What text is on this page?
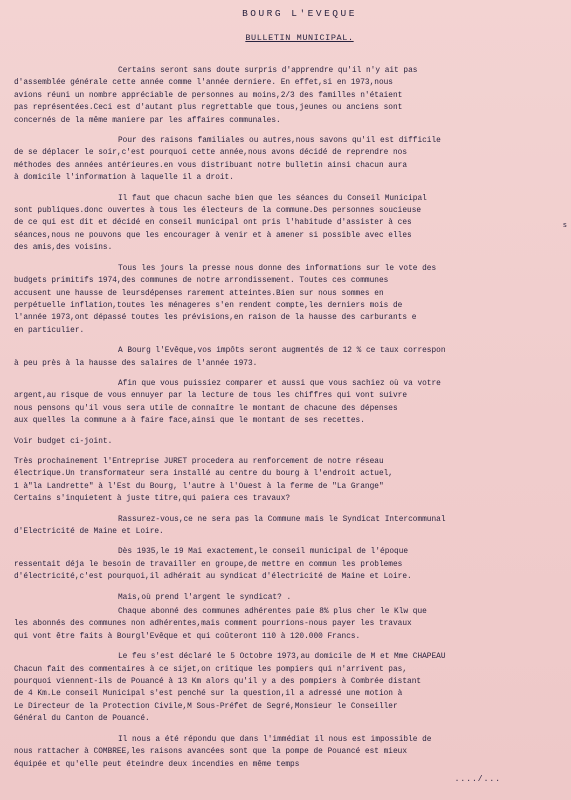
BOURG L'EVEQUE
BULLETIN MUNICIPAL.
Certains seront sans doute surpris d'apprendre qu'il n'y ait pas
d'assemblée générale cette année comme l'année derniere. En effet,si en 1973,nous
avions réuni un nombre appréciable de personnes au moins,2/3 des familles n'étaient
pas représentées.Ceci est d'autant plus regrettable que tous,jeunes ou anciens sont
concernés de la même maniere par les affaires communales.
Pour des raisons familiales ou autres,nous savons qu'il est difficile
de se déplacer le soir,c'est pourquoi cette année,nous avons décidé de reprendre nos
méthodes des années antérieures.en vous distribuant notre bulletin ainsi chacun aura
à domicile l'information à laquelle il a droit.
Il faut que chacun sache bien que les séances du Conseil Municipal
sont publiques.donc ouvertes à tous les électeurs de la commune.Des personnes soucieuse
de ce qui est dit et décidé en conseil municipal ont pris l'habitude d'assister à ces
séances,nous ne pouvons que les encourager à venir et à amener si possible avec elles
des amis,des voisins.
Tous les jours la presse nous donne des informations sur le vote des
budgets primitifs 1974,des communes de notre arrondissement. Toutes ces communes
accusent une hausse de leursdépenses rarement atteintes.Bien sur nous sommes en
perpétuelle inflation,toutes les ménageres s'en rendent compte,les derniers mois de
l'année 1973,ont dépassé toutes les prévisions,en raison de la hausse des carburants e
en particulier.
A Bourg l'Evêque,vos impôts seront augmentés de 12 % ce taux correspon
à peu près à la hausse des salaires de l'année 1973.
Afin que vous puissiez comparer et aussi que vous sachiez où va votre
argent,au risque de vous ennuyer par la lecture de tous les chiffres qui vont suivre
nous pensons qu'il vous sera utile de connaître le montant de chacune des dépenses
aux quelles la commune a à faire face,ainsi que le montant de ses recettes.
Voir budget ci-joint.
Très prochainement l'Entreprise JURET procedera au renforcement de notre réseau
électrique.Un transformateur sera installé au centre du bourg à l'endroit actuel,
1 à"la Landrette" à l'Est du Bourg, l'autre à l'Ouest à la ferme de "La Grange"
Certains s'inquietent à juste titre,qui paiera ces travaux?
Rassurez-vous,ce ne sera pas la Commune mais le Syndicat Intercommunal
d'Electricité de Maine et Loire.
Dès 1935,le 19 Mai exactement,le conseil municipal de l'époque
ressentait déja le besoin de travailler en groupe,de mettre en commun les problemes
d'électricité,c'est pourquoi,il adhérait au syndicat d'électricité de Maine et Loire.
Mais,où prend l'argent le syndicat? .
Chaque abonné des communes adhérentes paie 8% plus cher le Klw que
les abonnés des communes non adhérentes,mais comment pourrions-nous payer les travaux
qui vont être faits à Bourgl'Evêque et qui coûteront 110 à 120.000 Francs.
Le feu s'est déclaré le 5 Octobre 1973,au domicile de M et Mme CHAPEAU
Chacun fait des commentaires à ce sijet,on critique les pompiers qui n'arrivent pas,
pourquoi viennent-ils de Pouancé à 13 Km alors qu'il y a des pompiers à Combrée distant
de 4 Km.Le conseil Municipal s'est penché sur la question,il a adressé une motion à
Le Directeur de la Protection Civile,M Sous-Préfet de Segré,Monsieur le Conseiller
Général du Canton de Pouancé.
Il nous a été répondu que dans l'immédiat il nous est impossible de
nous rattacher à COMBREE,les raisons avancées sont que la pompe de Pouancé est mieux
équipée et qu'elle peut éteindre deux incendies en même temps
s
..../...
